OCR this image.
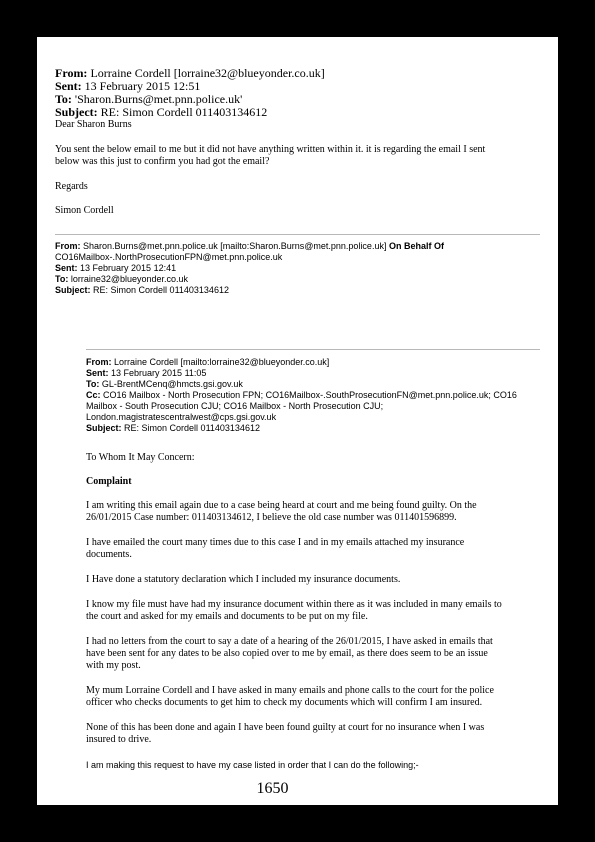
From: Lorraine Cordell [lorraine32@blueyonder.co.uk]
Sent: 13 February 2015 12:51
To: 'Sharon.Burns@met.pnn.police.uk'
Subject: RE: Simon Cordell 011403134612
Dear Sharon Burns
You sent the below email to me but it did not have anything written within it. it is regarding the email I sent
below was this just to confirm you had got the email?
Regards
Simon Cordell
From: Sharon.Burns@met.pnn.police.uk [mailto:Sharon.Burns@met.pnn.police.uk] On Behalf Of
CO16Mailbox-.NorthProsecutionFPN@met.pnn.police.uk
Sent: 13 February 2015 12:41
To: lorraine32@blueyonder.co.uk
Subject: RE: Simon Cordell 011403134612
From: Lorraine Cordell [mailto:lorraine32@blueyonder.co.uk]
Sent: 13 February 2015 11:05
To: GL-BrentMCenq@hmcts.gsi.gov.uk
Cc: CO16 Mailbox - North Prosecution FPN; CO16Mailbox-.SouthProsecutionFN@met.pnn.police.uk; CO16
Mailbox - South Prosecution CJU; CO16 Mailbox - North Prosecution CJU;
London.magistratescentralwest@cps.gsi.gov.uk
Subject: RE: Simon Cordell 011403134612
To Whom It May Concern:
Complaint
I am writing this email again due to a case being heard at court and me being found guilty. On the
26/01/2015 Case number: 011403134612, I believe the old case number was 011401596899.
I have emailed the court many times due to this case I and in my emails attached my insurance
documents.
I Have done a statutory declaration which I included my insurance documents.
I know my file must have had my insurance document within there as it was included in many emails to
the court and asked for my emails and documents to be put on my file.
I had no letters from the court to say a date of a hearing of the 26/01/2015, I have asked in emails that
have been sent for any dates to be also copied over to me by email, as there does seem to be an issue
with my post.
My mum Lorraine Cordell and I have asked in many emails and phone calls to the court for the police
officer who checks documents to get him to check my documents which will confirm I am insured.
None of this has been done and again I have been found guilty at court for no insurance when I was
insured to drive.
I am making this request to have my case listed in order that I can do the following;-
1650
